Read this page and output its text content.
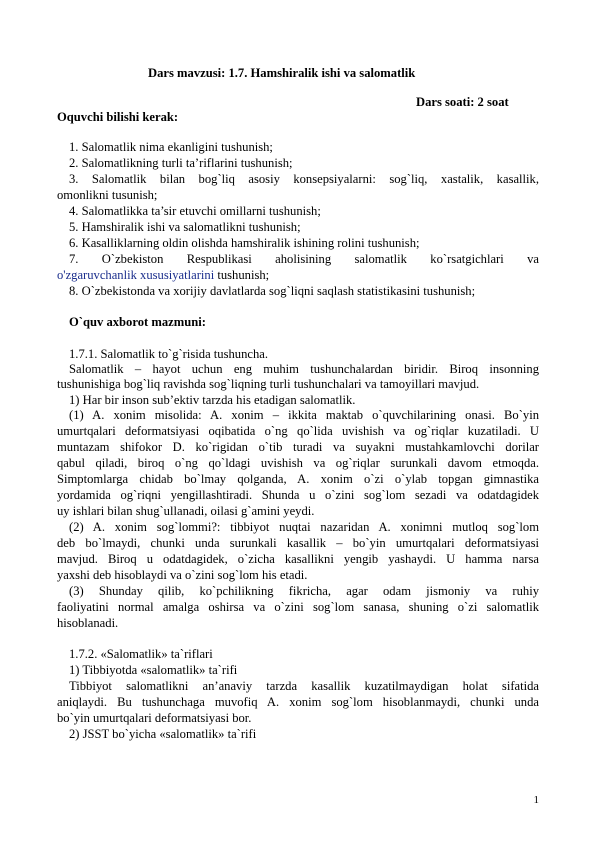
Dars mavzusi: 1.7. Hamshiralik ishi va salomatlik
Dars soati: 2 soat
Oquvchi bilishi kerak:
1. Salomatlik nima ekanligini tushunish;
2. Salomatlikning turli ta’riflarini tushunish;
3. Salomatlik bilan bog`liq asosiy konsepsiyalarni: sog`liq, xastalik, kasallik,
omonlikni tusunish;
4. Salomatlikka ta’sir etuvchi omillarni tushunish;
5. Hamshiralik ishi va salomatlikni tushunish;
6. Kasalliklarning oldin olishda hamshiralik ishining rolini tushunish;
7. O`zbekiston Respublikasi aholisining salomatlik ko`rsatgichlari va
o'zgaruvchanlik xususiyatlarini tushunish;
8. O`zbekistonda va xorijiy davlatlarda sog`liqni saqlash statistikasini tushunish;
O`quv axborot mazmuni:
1.7.1. Salomatlik to`g`risida tushuncha.
Salomatlik – hayot uchun eng muhim tushunchalardan biridir. Biroq insonning
tushunishiga bog`liq ravishda sog`liqning turli tushunchalari va tamoyillari mavjud.
1) Har bir inson sub’ektiv tarzda his etadigan salomatlik.
(1) A. xonim misolida: A. xonim – ikkita maktab o`quvchilarining onasi. Bo`yin
umurtqalari deformatsiyasi oqibatida o`ng qo`lida uvishish va og`riqlar kuzatiladi. U
muntazam shifokor D. ko`rigidan o`tib turadi va suyakni mustahkamlovchi dorilar
qabul qiladi, biroq o`ng qo`ldagi uvishish va og`riqlar surunkali davom etmoqda.
Simptomlarga chidab bo`lmay qolganda, A. xonim o`zi o`ylab topgan gimnastika
yordamida og`riqni yengillashtiradi. Shunda u o`zini sog`lom sezadi va odatdagidek
uy ishlari bilan shug`ullanadi, oilasi g`amini yeydi.
(2) A. xonim sog`lommi?: tibbiyot nuqtai nazaridan A. xonimni mutloq sog`lom
deb bo`lmaydi, chunki unda surunkali kasallik – bo`yin umurtqalari deformatsiyasi
mavjud. Biroq u odatdagidek, o`zicha kasallikni yengib yashaydi. U hamma narsa
yaxshi deb hisoblaydi va o`zini sog`lom his etadi.
(3) Shunday qilib, ko`pchilikning fikricha, agar odam jismoniy va ruhiy
faoliyatini normal amalga oshirsa va o`zini sog`lom sanasa, shuning o`zi salomatlik
hisoblanadi.
1.7.2. «Salomatlik» ta`riflari
1) Tibbiyotda «salomatlik» ta`rifi
Tibbiyot salomatlikni an’anaviy tarzda kasallik kuzatilmaydigan holat sifatida
aniqlaydi. Bu tushunchaga muvofiq A. xonim sog`lom hisoblanmaydi, chunki unda
bo`yin umurtqalari deformatsiyasi bor.
2) JSST bo`yicha «salomatlik» ta`rifi
1
